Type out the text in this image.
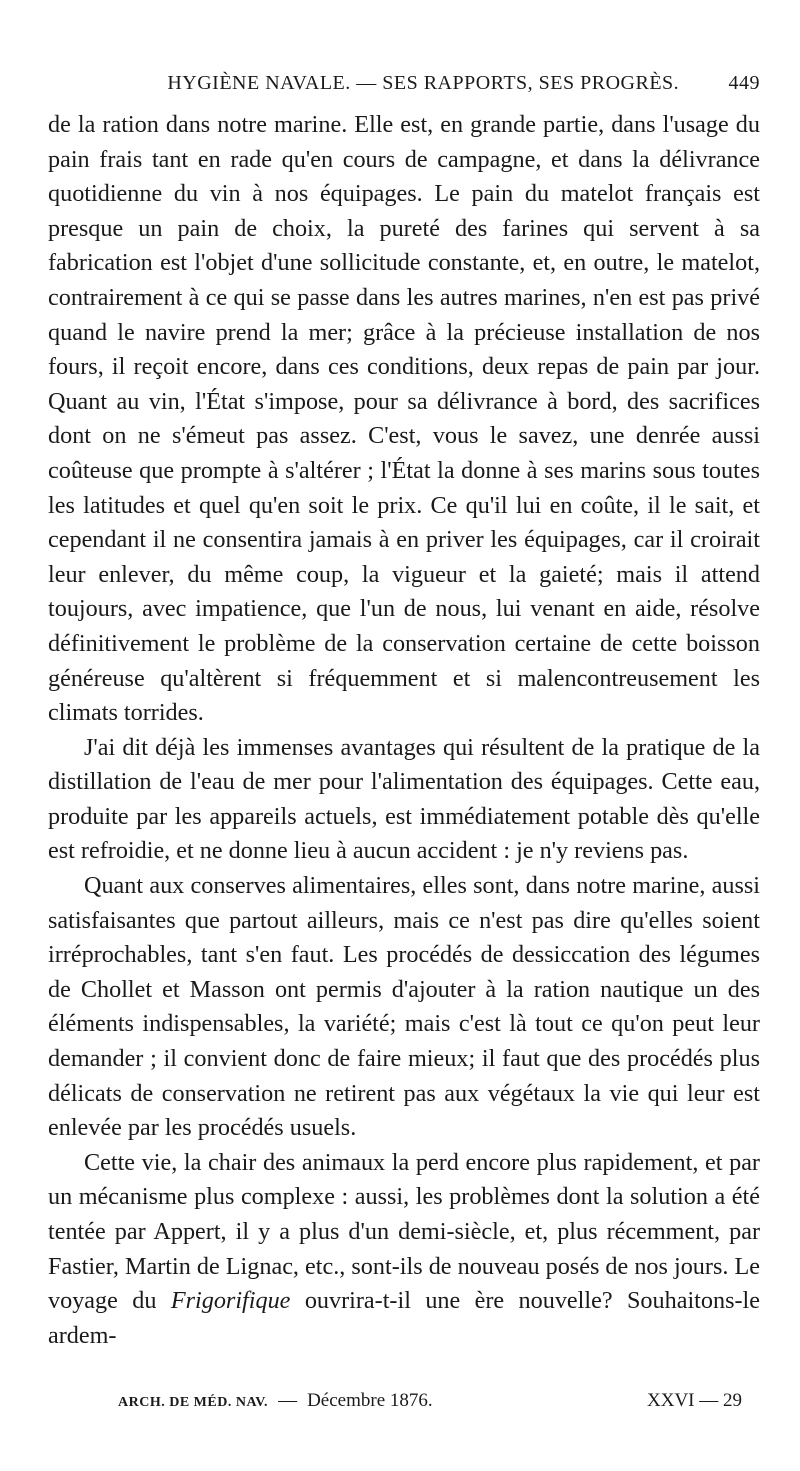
HYGIÈNE NAVALE. — SES RAPPORTS, SES PROGRÈS.	449

de la ration dans notre marine. Elle est, en grande partie, dans l'usage du pain frais tant en rade qu'en cours de campagne, et dans la délivrance quotidienne du vin à nos équipages. Le pain du matelot français est presque un pain de choix, la pureté des farines qui servent à sa fabrication est l'objet d'une sollicitude constante, et, en outre, le matelot, contrairement à ce qui se passe dans les autres marines, n'en est pas privé quand le navire prend la mer; grâce à la précieuse installation de nos fours, il reçoit encore, dans ces conditions, deux repas de pain par jour. Quant au vin, l'État s'impose, pour sa délivrance à bord, des sacrifices dont on ne s'émeut pas assez. C'est, vous le savez, une denrée aussi coûteuse que prompte à s'altérer ; l'État la donne à ses marins sous toutes les latitudes et quel qu'en soit le prix. Ce qu'il lui en coûte, il le sait, et cependant il ne consentira jamais à en priver les équipages, car il croirait leur enlever, du même coup, la vigueur et la gaieté; mais il attend toujours, avec impatience, que l'un de nous, lui venant en aide, résolve définitivement le problème de la conservation certaine de cette boisson généreuse qu'altèrent si fréquemment et si malencontreusement les climats torrides.

J'ai dit déjà les immenses avantages qui résultent de la pratique de la distillation de l'eau de mer pour l'alimentation des équipages. Cette eau, produite par les appareils actuels, est immédiatement potable dès qu'elle est refroidie, et ne donne lieu à aucun accident : je n'y reviens pas.

Quant aux conserves alimentaires, elles sont, dans notre marine, aussi satisfaisantes que partout ailleurs, mais ce n'est pas dire qu'elles soient irréprochables, tant s'en faut. Les procédés de dessiccation des légumes de Chollet et Masson ont permis d'ajouter à la ration nautique un des éléments indispensables, la variété; mais c'est là tout ce qu'on peut leur demander ; il convient donc de faire mieux; il faut que des procédés plus délicats de conservation ne retirent pas aux végétaux la vie qui leur est enlevée par les procédés usuels.

Cette vie, la chair des animaux la perd encore plus rapidement, et par un mécanisme plus complexe : aussi, les problèmes dont la solution a été tentée par Appert, il y a plus d'un demi-siècle, et, plus récemment, par Fastier, Martin de Lignac, etc., sont-ils de nouveau posés de nos jours. Le voyage du Frigorifique ouvrira-t-il une ère nouvelle? Souhaitons-le ardem-

ARCH. DE MÉD. NAV. — Décembre 1876.	XXVI — 29
